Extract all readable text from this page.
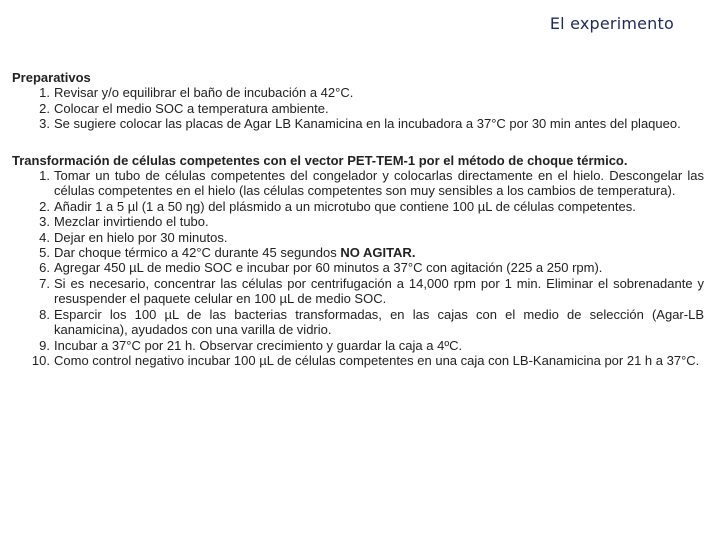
El experimento

Preparativos

1. Revisar y/o equilibrar el baño de incubación a 42°C.
2. Colocar el medio SOC a temperatura ambiente.
3. Se sugiere colocar las placas de Agar LB Kanamicina en la incubadora a 37°C por 30 min antes del plaqueo.

Transformación de células competentes con el vector PET-TEM-1 por el método de choque térmico.

1. Tomar un tubo de células competentes del congelador y colocarlas directamente en el hielo. Descongelar las células competentes en el hielo (las células competentes son muy sensibles a los cambios de temperatura).
2. Añadir 1 a 5 µl (1 a 50 ηg) del plásmido a un microtubo que contiene 100 µL de células competentes.
3. Mezclar invirtiendo el tubo.
4. Dejar en hielo por 30 minutos.
5. Dar choque térmico a 42°C durante 45 segundos NO AGITAR.
6. Agregar 450 µL de medio SOC e incubar por 60 minutos a 37°C con agitación (225 a 250 rpm).
7. Si es necesario, concentrar las células por centrifugación a 14,000 rpm por 1 min. Eliminar el sobrenadante y resuspender el paquete celular en 100 µL de medio SOC.
8. Esparcir los 100 µL de las bacterias transformadas, en las cajas con el medio de selección (Agar-LB kanamicina), ayudados con una varilla de vidrio.
9. Incubar a 37°C por 21 h. Observar crecimiento y guardar la caja a 4ºC.
10. Como control negativo incubar 100 µL de células competentes en una caja con LB-Kanamicina por 21 h a 37°C.
